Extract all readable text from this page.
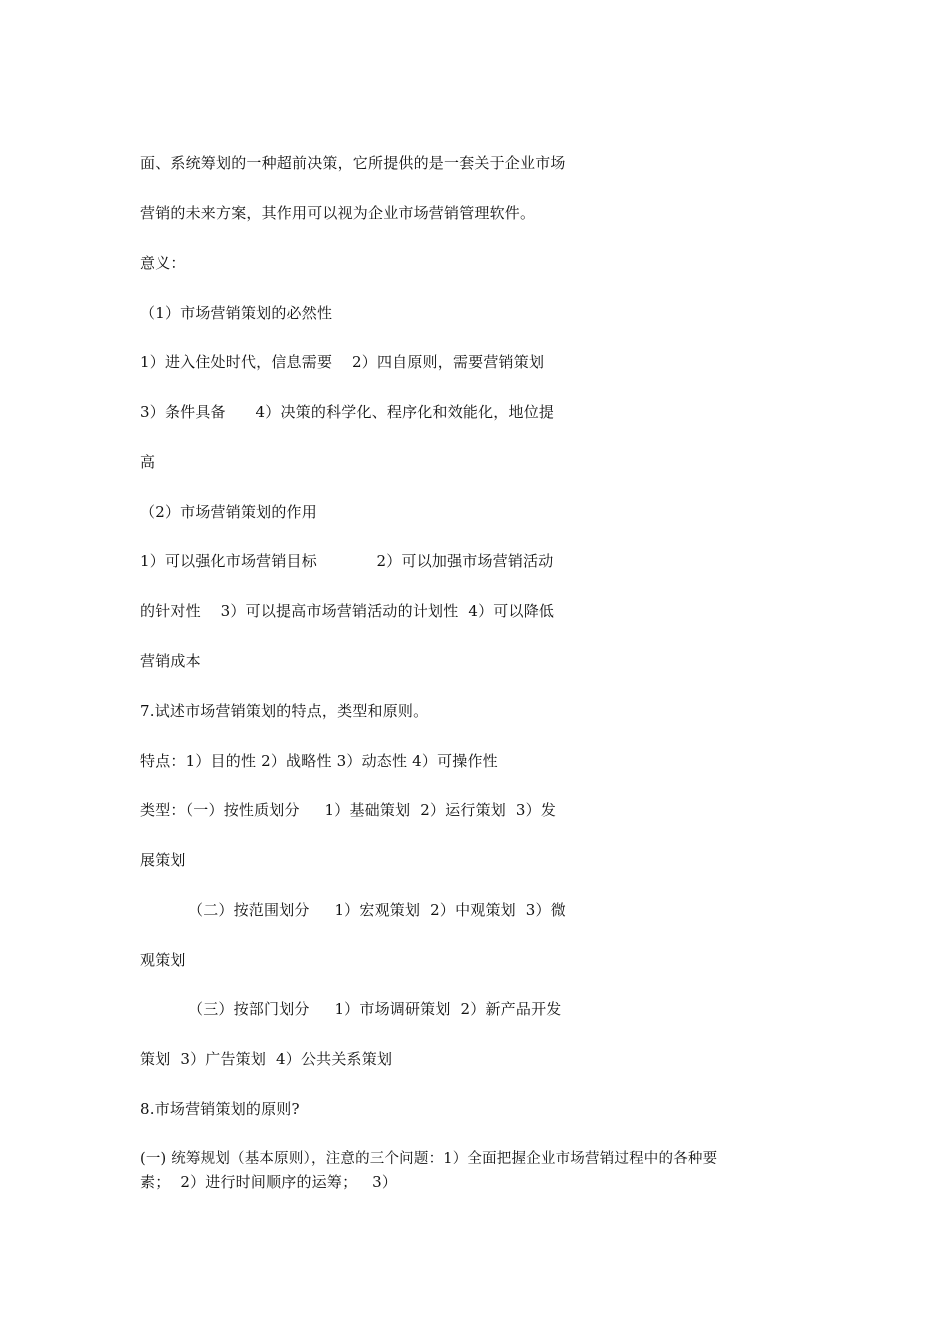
面、系统筹划的一种超前决策，它所提供的是一套关于企业市场
营销的未来方案，其作用可以视为企业市场营销管理软件。
意义：
（1）市场营销策划的必然性
1）进入住处时代，信息需要    2）四自原则，需要营销策划
3）条件具备      4）决策的科学化、程序化和效能化，地位提
高
（2）市场营销策划的作用
1）可以强化市场营销目标            2）可以加强市场营销活动
的针对性    3）可以提高市场营销活动的计划性  4）可以降低
营销成本
7.试述市场营销策划的特点，类型和原则。
特点：1）目的性 2）战略性 3）动态性 4）可操作性
类型：（一）按性质划分     1）基础策划  2）运行策划  3）发
展策划
（二）按范围划分     1）宏观策划  2）中观策划  3）微
观策划
（三）按部门划分     1）市场调研策划  2）新产品开发
策划  3）广告策划  4）公共关系策划
8.市场营销策划的原则?
(一) 统筹规划（基本原则），注意的三个问题：1）全面把握企业市场营销过程中的各种要
素；  2）进行时间顺序的运筹；   3）
